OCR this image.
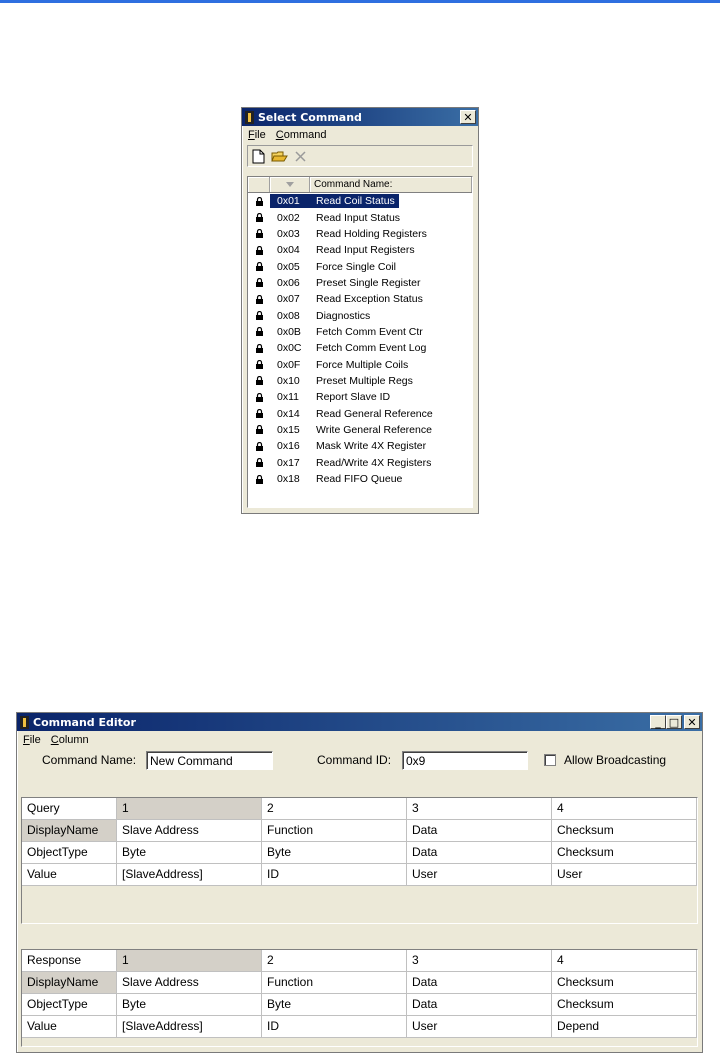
Select Command	✕
File Command
Command Name:
0x01	Read Coil Status
0x02	Read Input Status
0x03	Read Holding Registers
0x04	Read Input Registers
0x05	Force Single Coil
0x06	Preset Single Register
0x07	Read Exception Status
0x08	Diagnostics
0x0B	Fetch Comm Event Ctr
0x0C	Fetch Comm Event Log
0x0F	Force Multiple Coils
0x10	Preset Multiple Regs
0x11	Report Slave ID
0x14	Read General Reference
0x15	Write General Reference
0x16	Mask Write 4X Register
0x17	Read/Write 4X Registers
0x18	Read FIFO Queue
Command Editor	_ □ ✕
File Column
Command Name:	New Command	Command ID:	0x9	Allow Broadcasting
Query	1	2	3	4
DisplayName	Slave Address	Function	Data	Checksum
ObjectType	Byte	Byte	Data	Checksum
Value	[SlaveAddress]	ID	User	User
Response	1	2	3	4
DisplayName	Slave Address	Function	Data	Checksum
ObjectType	Byte	Byte	Data	Checksum
Value	[SlaveAddress]	ID	User	Depend
